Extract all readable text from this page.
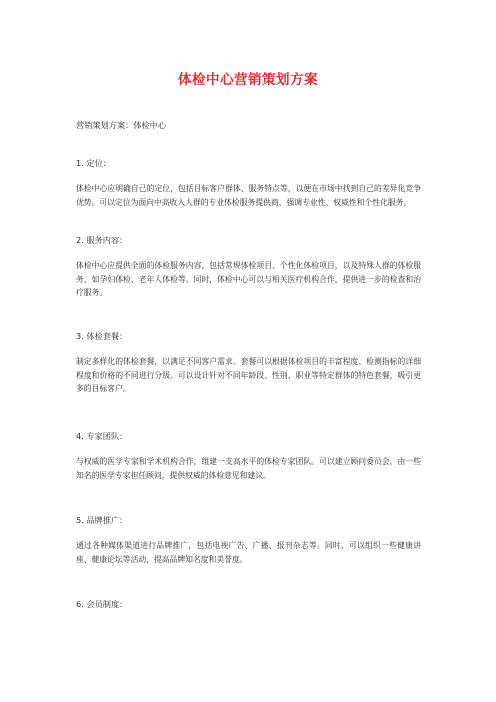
体检中心营销策划方案
营销策划方案：体检中心

1. 定位：

体检中心应明确自己的定位，包括目标客户群体、服务特点等，以便在市场中找到自己的差异化竞争优势。可以定位为面向中高收入人群的专业体检服务提供商，强调专业性、权威性和个性化服务。

2. 服务内容：

体检中心应提供全面的体检服务内容，包括常规体检项目、个性化体检项目，以及特殊人群的体检服务，如孕妇体检、老年人体检等。同时，体检中心可以与相关医疗机构合作，提供进一步的检查和治疗服务。

3. 体检套餐：

制定多样化的体检套餐，以满足不同客户需求。套餐可以根据体检项目的丰富程度、检测指标的详细程度和价格的不同进行分级。可以设计针对不同年龄段、性别、职业等特定群体的特色套餐，吸引更多的目标客户。

4. 专家团队：

与权威的医学专家和学术机构合作，组建一支高水平的体检专家团队。可以建立顾问委员会，由一些知名的医学专家担任顾问，提供权威的体检意见和建议。

5. 品牌推广：

通过各种媒体渠道进行品牌推广，包括电视广告、广播、报刊杂志等。同时，可以组织一些健康讲座、健康论坛等活动，提高品牌知名度和美誉度。

6. 会员制度：
